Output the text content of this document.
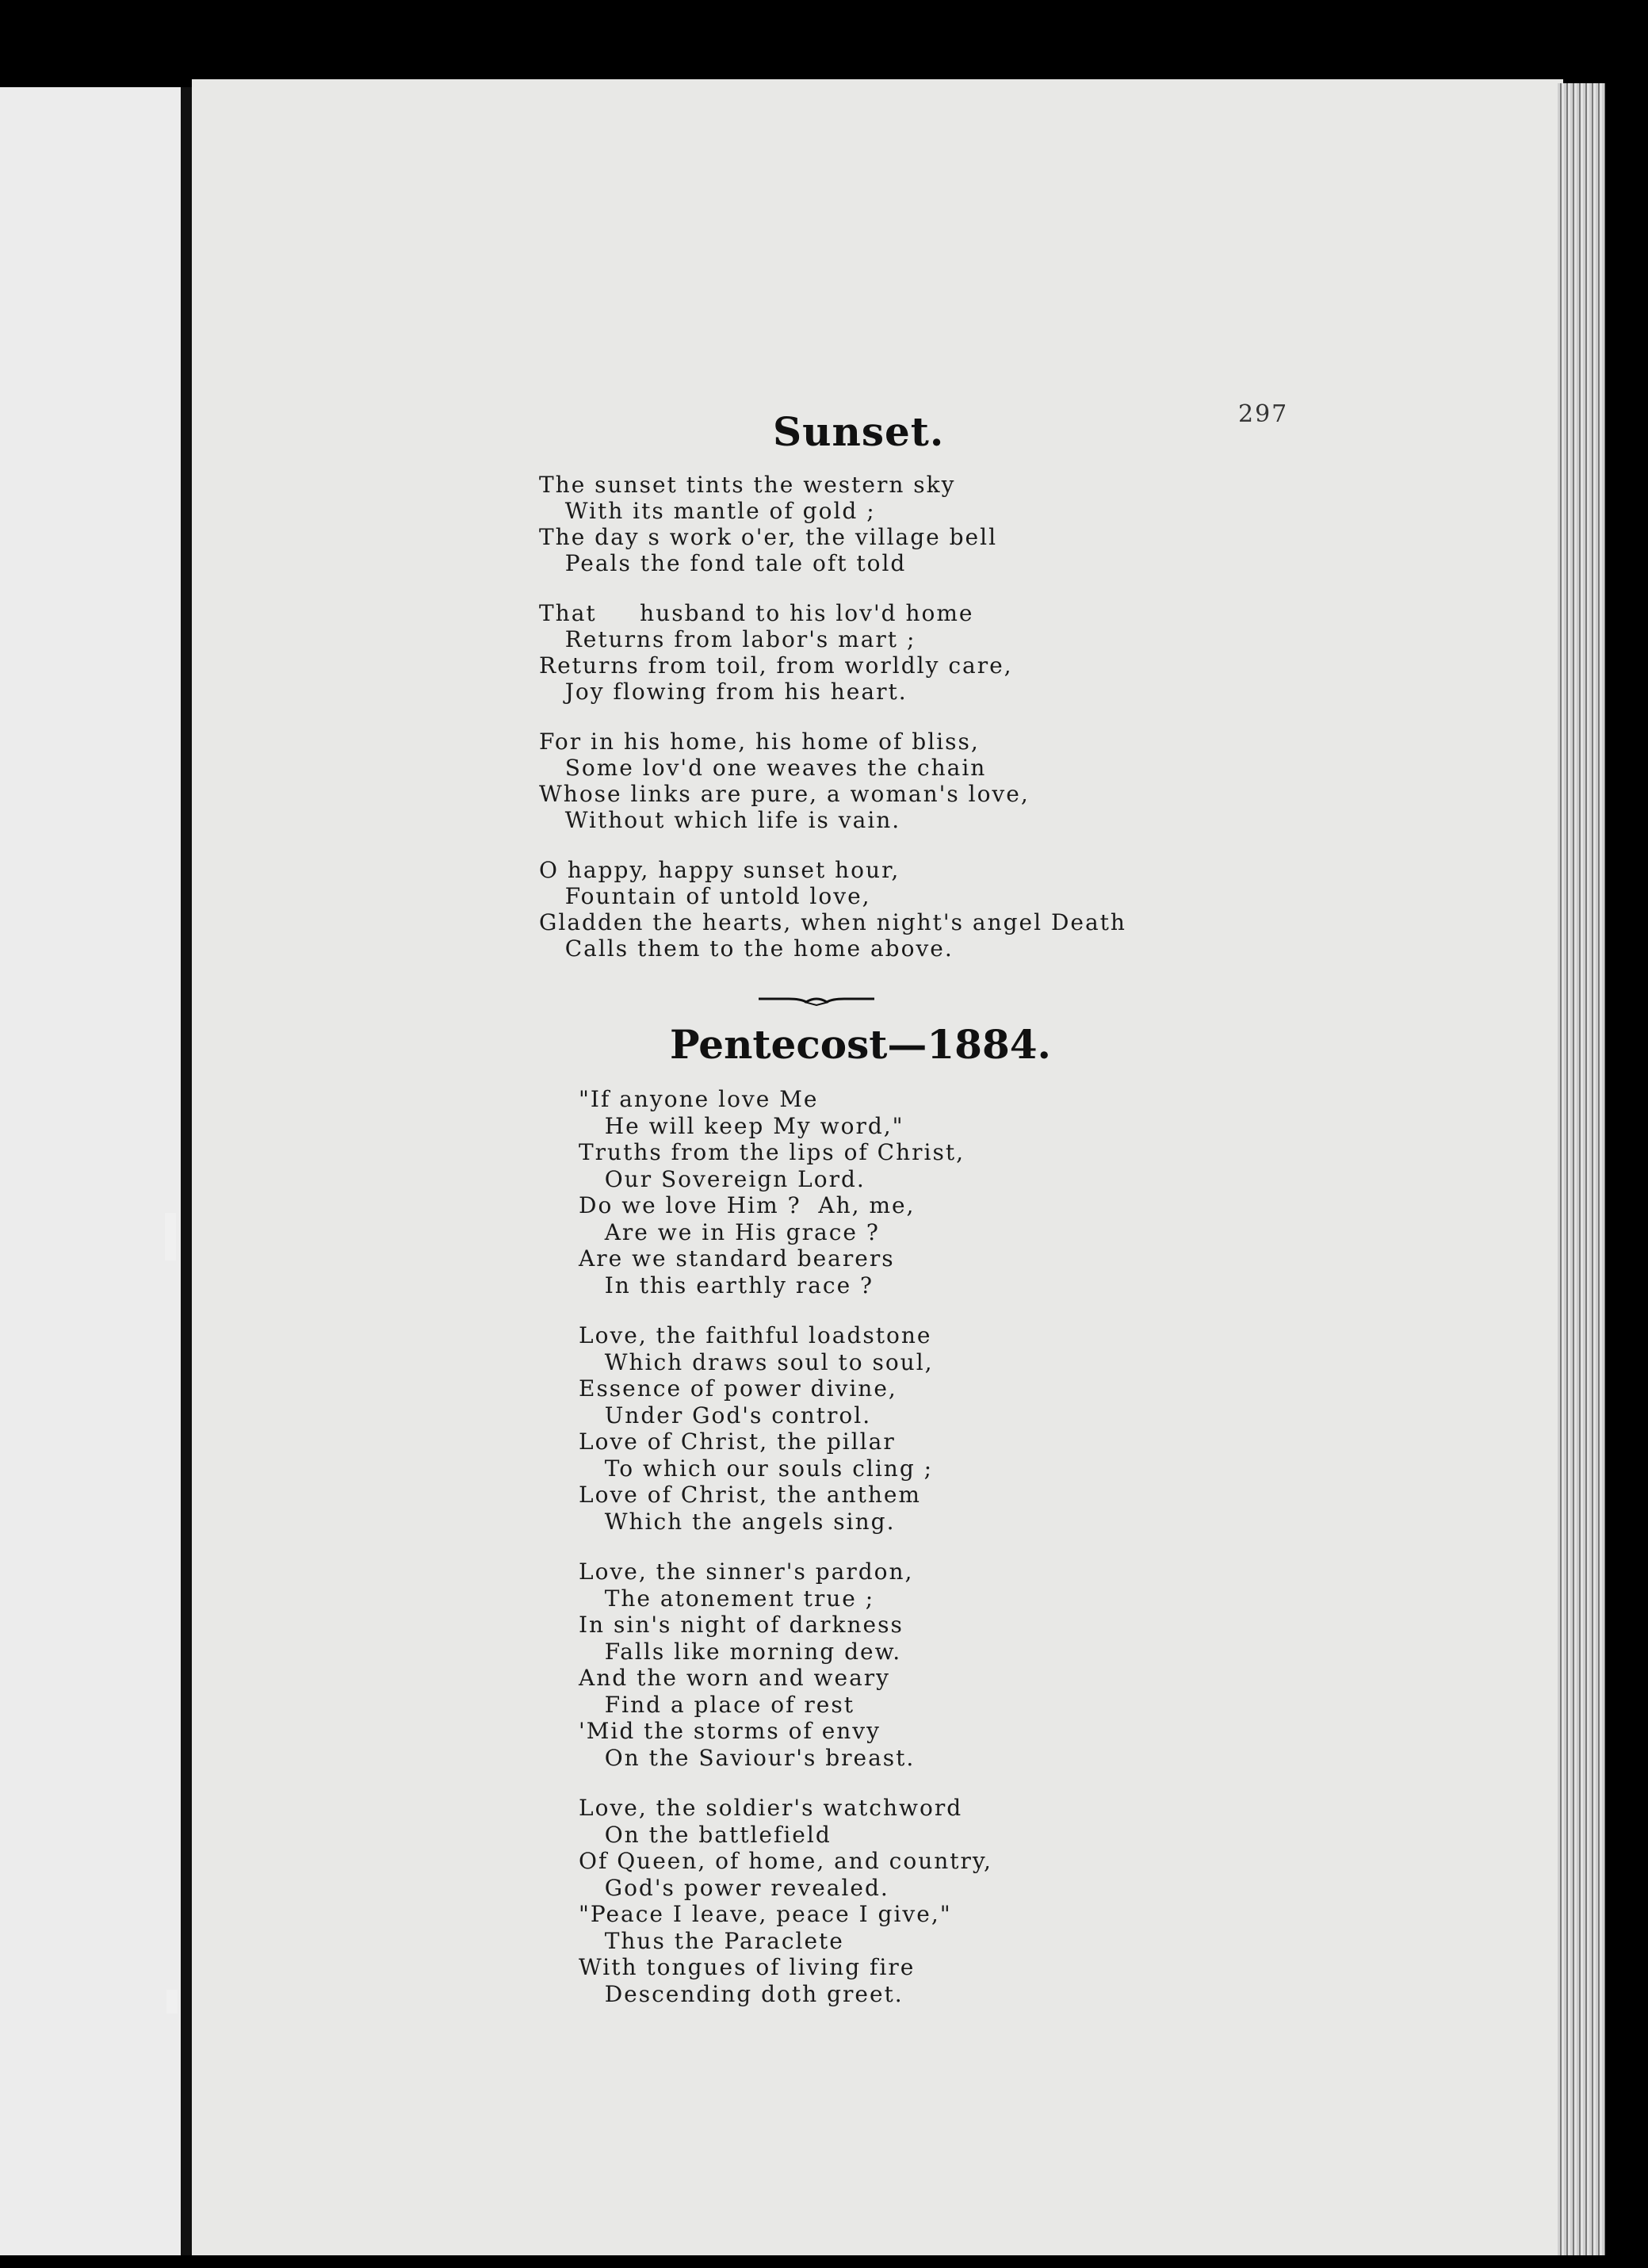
297
Sunset.
The sunset tints the western sky
With its mantle of gold ;
The day s work o'er, the village bell
Peals the fond tale oft told
That     husband to his lov'd home
Returns from labor's mart ;
Returns from toil, from worldly care,
Joy flowing from his heart.
For in his home, his home of bliss,
Some lov'd one weaves the chain
Whose links are pure, a woman's love,
Without which life is vain.
O happy, happy sunset hour,
Fountain of untold love,
Gladden the hearts, when night's angel Death
Calls them to the home above.
Pentecost—1884.
"If anyone love Me
He will keep My word,"
Truths from the lips of Christ,
Our Sovereign Lord.
Do we love Him ?  Ah, me,
Are we in His grace ?
Are we standard bearers
In this earthly race ?
Love, the faithful loadstone
Which draws soul to soul,
Essence of power divine,
Under God's control.
Love of Christ, the pillar
To which our souls cling ;
Love of Christ, the anthem
Which the angels sing.
Love, the sinner's pardon,
The atonement true ;
In sin's night of darkness
Falls like morning dew.
And the worn and weary
Find a place of rest
'Mid the storms of envy
On the Saviour's breast.
Love, the soldier's watchword
On the battlefield
Of Queen, of home, and country,
God's power revealed.
"Peace I leave, peace I give,"
Thus the Paraclete
With tongues of living fire
Descending doth greet.
